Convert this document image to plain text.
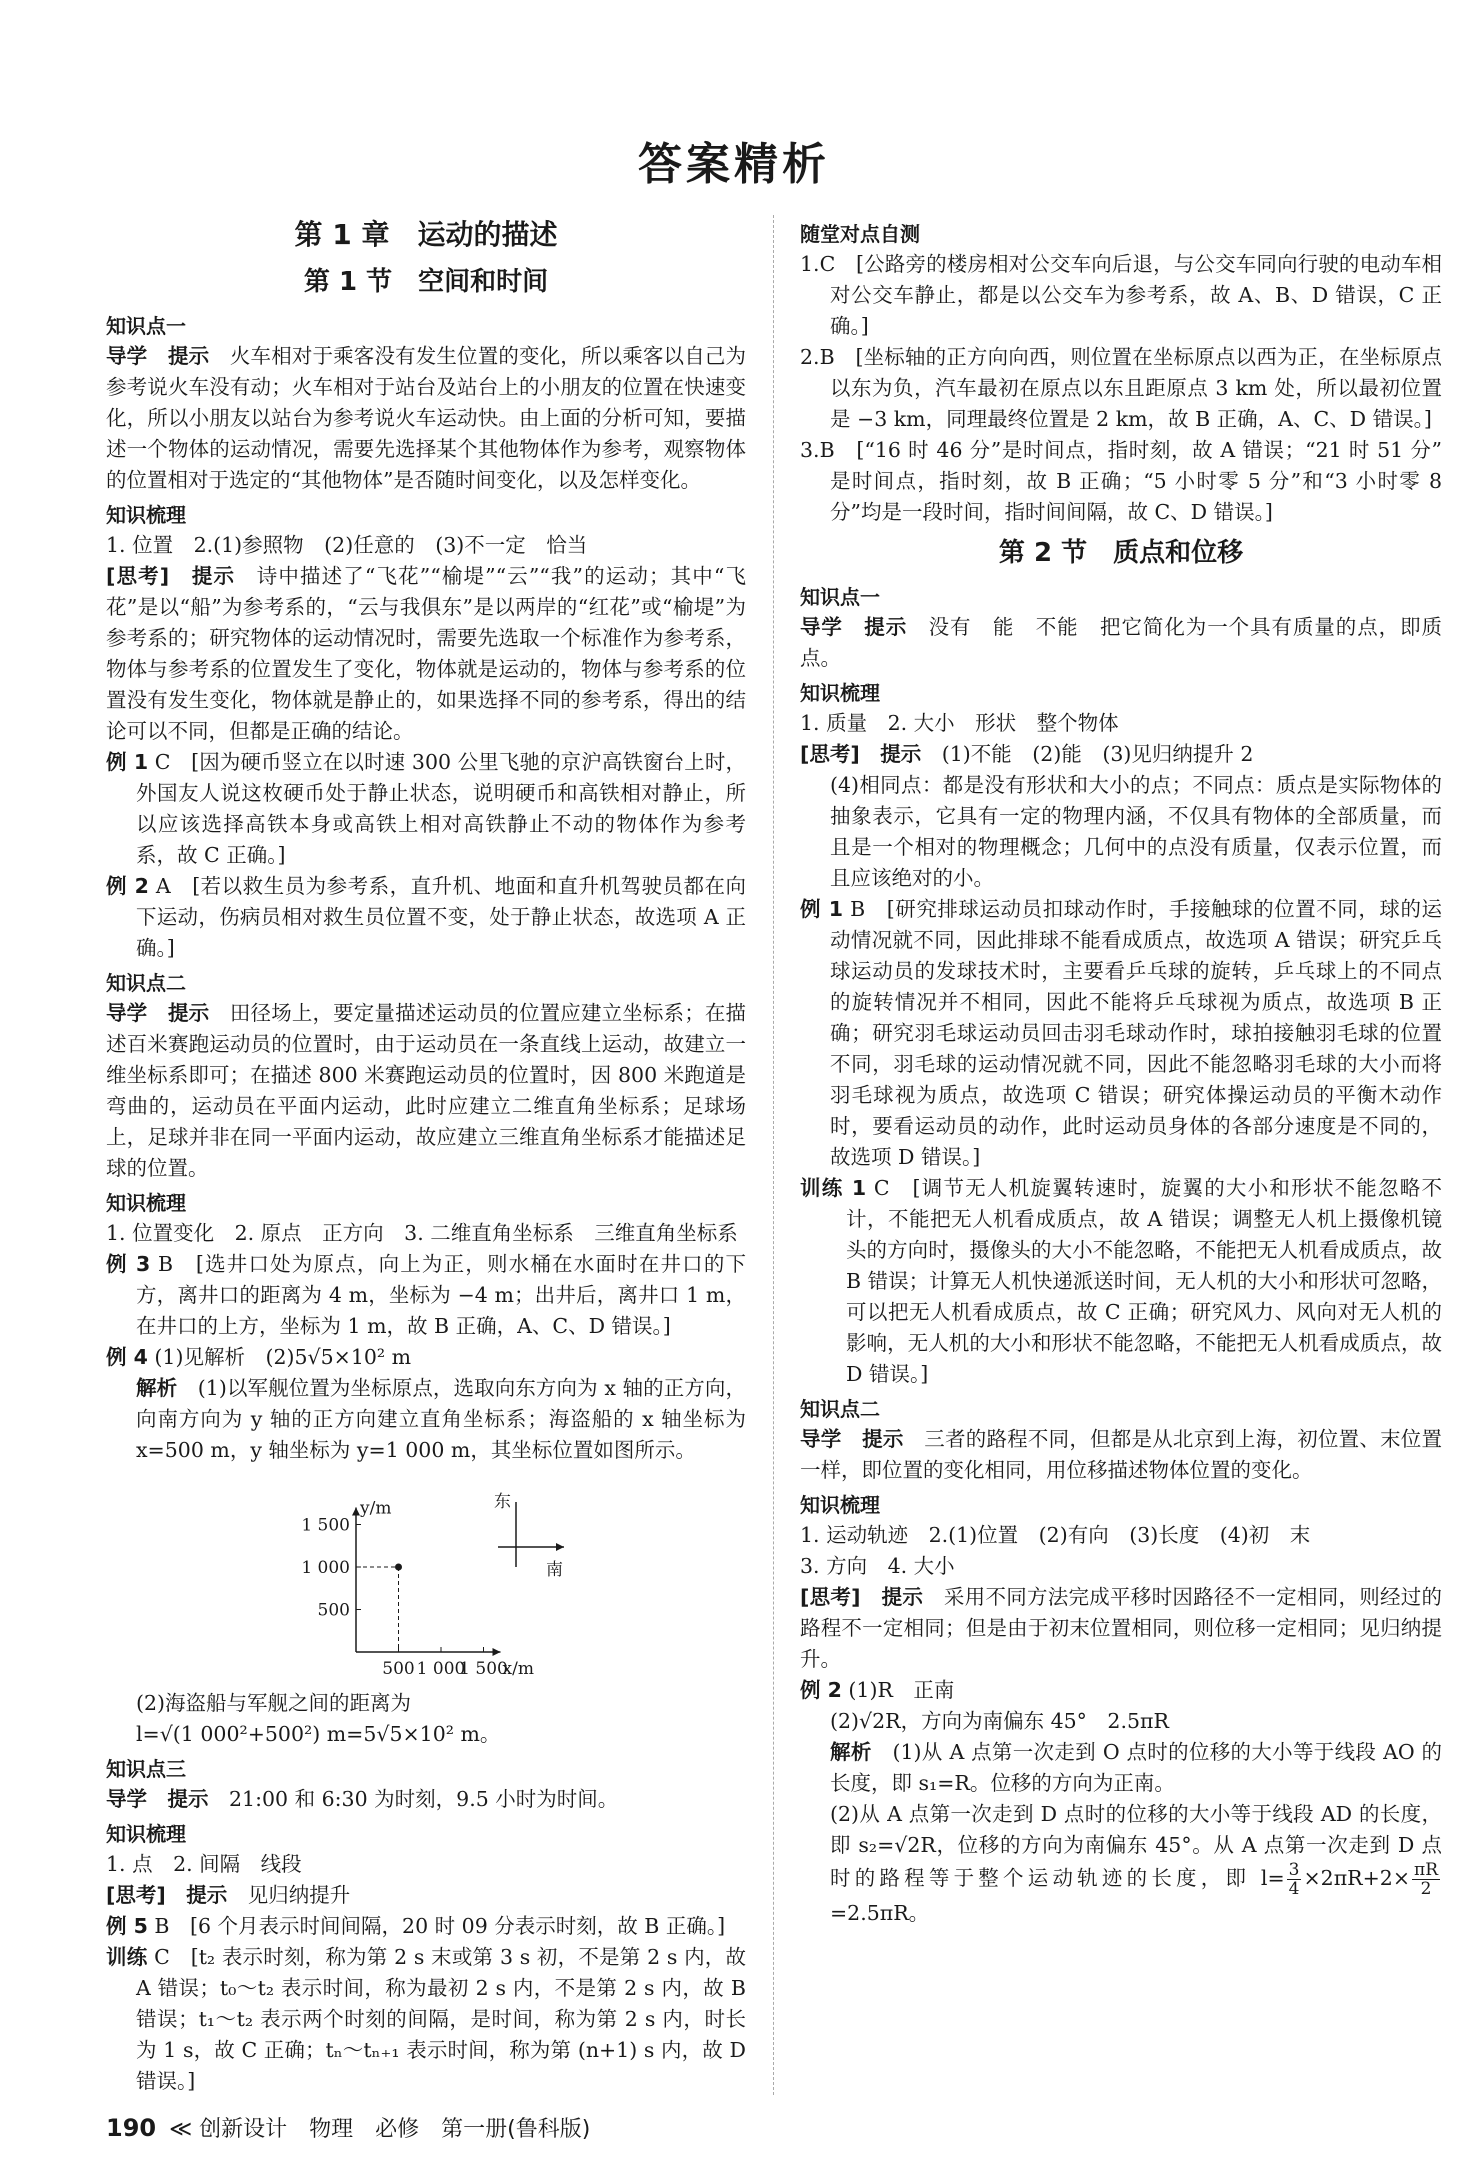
答案精析
第 1 章　运动的描述
第 1 节　空间和时间
知识点一
导学　提示　火车相对于乘客没有发生位置的变化，所以乘客以自己为参考说火车没有动；火车相对于站台及站台上的小朋友的位置在快速变化，所以小朋友以站台为参考说火车运动快。由上面的分析可知，要描述一个物体的运动情况，需要先选择某个其他物体作为参考，观察物体的位置相对于选定的“其他物体”是否随时间变化，以及怎样变化。
知识梳理
1. 位置　2.(1)参照物　(2)任意的　(3)不一定　恰当
[思考]　 提示　诗中描述了“飞花”“榆堤”“云”“我”的运动；其中“飞花”是以“船”为参考系的，“云与我俱东”是以两岸的“红花”或“榆堤”为参考系的；研究物体的运动情况时，需要先选取一个标准作为参考系，物体与参考系的位置发生了变化，物体就是运动的，物体与参考系的位置没有发生变化，物体就是静止的，如果选择不同的参考系，得出的结论可以不同，但都是正确的结论。
例 1 C　[因为硬币竖立在以时速 300 公里飞驰的京沪高铁窗台上时，外国友人说这枚硬币处于静止状态，说明硬币和高铁相对静止，所以应该选择高铁本身或高铁上相对高铁静止不动的物体作为参考系，故 C 正确。]
例 2 A　[若以救生员为参考系，直升机、地面和直升机驾驶员都在向下运动，伤病员相对救生员位置不变，处于静止状态，故选项 A 正确。]
知识点二
导学　提示　田径场上，要定量描述运动员的位置应建立坐标系；在描述百米赛跑运动员的位置时，由于运动员在一条直线上运动，故建立一维坐标系即可；在描述 800 米赛跑运动员的位置时，因 800 米跑道是弯曲的，运动员在平面内运动，此时应建立二维直角坐标系；足球场上，足球并非在同一平面内运动，故应建立三维直角坐标系才能描述足球的位置。
知识梳理
1. 位置变化　2. 原点　正方向　3. 二维直角坐标系　三维直角坐标系
例 3 B　[选井口处为原点，向上为正，则水桶在水面时在井口的下方，离井口的距离为 4 m，坐标为 −4 m；出井后，离井口 1 m，在井口的上方，坐标为 1 m，故 B 正确，A、C、D 错误。]
例 4 (1)见解析　(2)5√5×10² m
解析　(1)以军舰位置为坐标原点，选取向东方向为 x 轴的正方向，向南方向为 y 轴的正方向建立直角坐标系；海盗船的 x 轴坐标为 x=500 m，y 轴坐标为 y=1 000 m，其坐标位置如图所示。
x/m
y/m
500
500
1 000
1 000
1 500
1 500
东
南
(2)海盗船与军舰之间的距离为
l=√(1 000²+500²) m=5√5×10² m。
知识点三
导学　提示　21:00 和 6:30 为时刻，9.5 小时为时间。
知识梳理
1. 点　2. 间隔　线段
[思考]　 提示　见归纳提升
例 5 B　[6 个月表示时间间隔，20 时 09 分表示时刻，故 B 正确。]
训练 C　[t₂ 表示时刻，称为第 2 s 末或第 3 s 初，不是第 2 s 内，故 A 错误；t₀～t₂ 表示时间，称为最初 2 s 内，不是第 2 s 内，故 B 错误；t₁～t₂ 表示两个时刻的间隔，是时间，称为第 2 s 内，时长为 1 s，故 C 正确；tₙ～tₙ₊₁ 表示时间，称为第 (n+1) s 内，故 D 错误。]
随堂对点自测
1.C　[公路旁的楼房相对公交车向后退，与公交车同向行驶的电动车相对公交车静止，都是以公交车为参考系，故 A、B、D 错误，C 正确。]
2.B　[坐标轴的正方向向西，则位置在坐标原点以西为正，在坐标原点以东为负，汽车最初在原点以东且距原点 3 km 处，所以最初位置是 −3 km，同理最终位置是 2 km，故 B 正确，A、C、D 错误。]
3.B　[“16 时 46 分”是时间点，指时刻，故 A 错误；“21 时 51 分” 是时间点，指时刻，故 B 正确；“5 小时零 5 分”和“3 小时零 8 分”均是一段时间，指时间间隔，故 C、D 错误。]
第 2 节　质点和位移
知识点一
导学　提示　没有　能　不能　把它简化为一个具有质量的点，即质点。
知识梳理
1. 质量　2. 大小　形状　整个物体
[思考]　 提示　(1)不能　(2)能　(3)见归纳提升 2
(4)相同点：都是没有形状和大小的点；不同点：质点是实际物体的抽象表示，它具有一定的物理内涵，不仅具有物体的全部质量，而且是一个相对的物理概念；几何中的点没有质量，仅表示位置，而且应该绝对的小。
例 1 B　[研究排球运动员扣球动作时，手接触球的位置不同，球的运动情况就不同，因此排球不能看成质点，故选项 A 错误；研究乒乓球运动员的发球技术时，主要看乒乓球的旋转，乒乓球上的不同点的旋转情况并不相同，因此不能将乒乓球视为质点，故选项 B 正确；研究羽毛球运动员回击羽毛球动作时，球拍接触羽毛球的位置不同，羽毛球的运动情况就不同，因此不能忽略羽毛球的大小而将羽毛球视为质点，故选项 C 错误；研究体操运动员的平衡木动作时，要看运动员的动作，此时运动员身体的各部分速度是不同的，故选项 D 错误。]
训练 1 C　[调节无人机旋翼转速时，旋翼的大小和形状不能忽略不计，不能把无人机看成质点，故 A 错误；调整无人机上摄像机镜头的方向时，摄像头的大小不能忽略，不能把无人机看成质点，故 B 错误；计算无人机快递派送时间，无人机的大小和形状可忽略，可以把无人机看成质点，故 C 正确；研究风力、风向对无人机的影响，无人机的大小和形状不能忽略，不能把无人机看成质点，故 D 错误。]
知识点二
导学　提示　三者的路程不同，但都是从北京到上海，初位置、末位置一样，即位置的变化相同，用位移描述物体位置的变化。
知识梳理
1. 运动轨迹　2.(1)位置　(2)有向　(3)长度　(4)初　末
3. 方向　4. 大小
[思考]　 提示　采用不同方法完成平移时因路径不一定相同，则经过的路程不一定相同；但是由于初末位置相同，则位移一定相同；见归纳提升。
例 2 (1)R　正南
(2)√2R，方向为南偏东 45°　2.5πR
解析　(1)从 A 点第一次走到 O 点时的位移的大小等于线段 AO 的长度，即 s₁=R。位移的方向为正南。
(2)从 A 点第一次走到 D 点时的位移的大小等于线段 AD 的长度，即 s₂=√2R，位移的方向为南偏东 45°。从 A 点第一次走到 D 点时的路程等于整个运动轨迹的长度，即 $l= \frac{3}{4} \times 2\pi R+2\times \frac{\pi R}{2}$
=2.5πR。
190 ≪ 创新设计　物理　必修　第一册(鲁科版)
